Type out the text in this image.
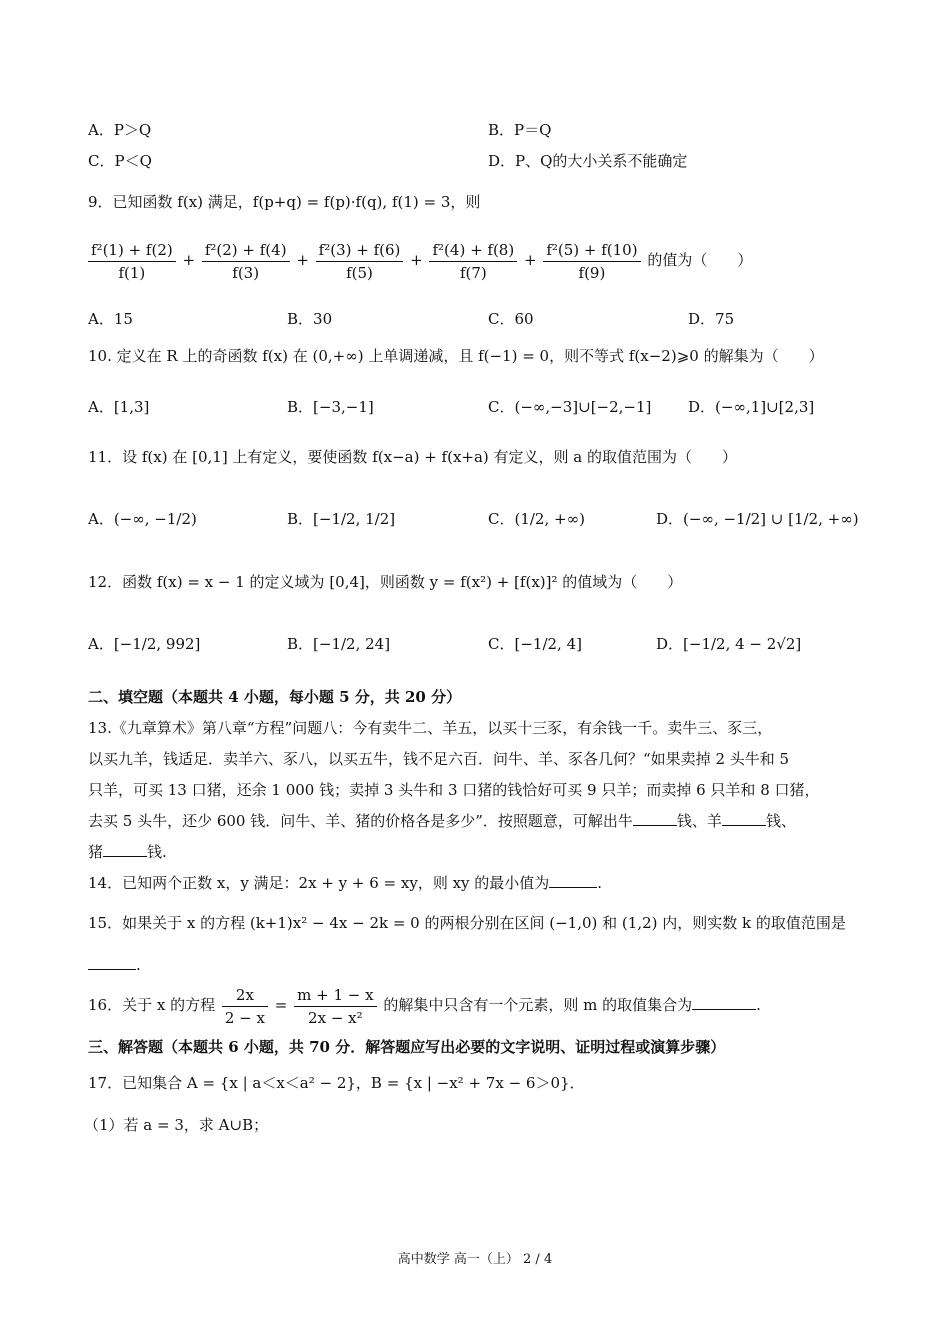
A．P＞Q	B．P＝Q
C．P＜Q	D．P、Q的大小关系不能确定
9．已知函数 f(x) 满足，f(p+q) = f(p)·f(q), f(1) = 3，则
$\frac{\text{f²(1) + f(2)}}{f(1)} + \frac{\text{f²(2) + f(4)}}{f(3)} + \frac{\text{f²(3) + f(6)}}{f(5)} + \frac{\text{f²(4) + f(8)}}{f(7)} + \frac{\text{f²(5) + f(10)}}{f(9)}$ 的值为（　　）
A．15	B．30	C．60	D．75
10. 定义在 R 上的奇函数 f(x) 在 (0,+∞) 上单调递减，且 f(−1) = 0，则不等式 f(x−2)⩾0 的解集为（　　）
A．[1,3]	B．[−3,−1]	C．(−∞,−3]∪[−2,−1] D．(−∞,1]∪[2,3]
11．设 f(x) 在 [0,1] 上有定义，要使函数 f(x−a) + f(x+a) 有定义，则 a 的取值范围为（　　）
A．(−∞, −1/2)	B．[−1/2, 1/2]	C．(1/2, +∞)	D．(−∞, −1/2] ∪ [1/2, +∞)
12．函数 f(x) = x − 1 的定义域为 [0,4]，则函数 y = f(x²) + [f(x)]² 的值域为（　　）
A．[−1/2, 992]	B．[−1/2, 24]	C．[−1/2, 4]	D．[−1/2, 4 − 2√2]
二、填空题（本题共 4 小题，每小题 5 分，共 20 分）
13.《九章算术》第八章“方程”问题八：今有卖牛二、羊五，以买十三豕，有余钱一千。卖牛三、豕三，
以买九羊，钱适足．卖羊六、豕八，以买五牛，钱不足六百．问牛、羊、豕各几何？“如果卖掉 2 头牛和 5
只羊，可买 13 口猪，还余 1 000 钱；卖掉 3 头牛和 3 口猪的钱恰好可买 9 只羊；而卖掉 6 只羊和 8 口猪，
去买 5 头牛，还少 600 钱．问牛、羊、猪的价格各是多少”．按照题意，可解出牛	钱、羊	钱、
猪	钱.
14．已知两个正数 x，y 满足：2x + y + 6 = xy，则 xy 的最小值为	.
15．如果关于 x 的方程 (k+1)x² − 4x − 2k = 0 的两根分别在区间 (−1,0) 和 (1,2) 内，则实数 k 的取值范围是
.
16．关于 x 的方程 $\frac{2x}{2 - x} = \frac{m + 1 - x}{\text{2x − x²}}$ 的解集中只含有一个元素，则 m 的取值集合为	.
三、解答题（本题共 6 小题，共 70 分．解答题应写出必要的文字说明、证明过程或演算步骤）
17．已知集合 A = {x | a＜x＜a² − 2}，B = {x | −x² + 7x − 6＞0}．
（1）若 a = 3，求 A∪B；
高中数学 高一（上） 2 / 4
